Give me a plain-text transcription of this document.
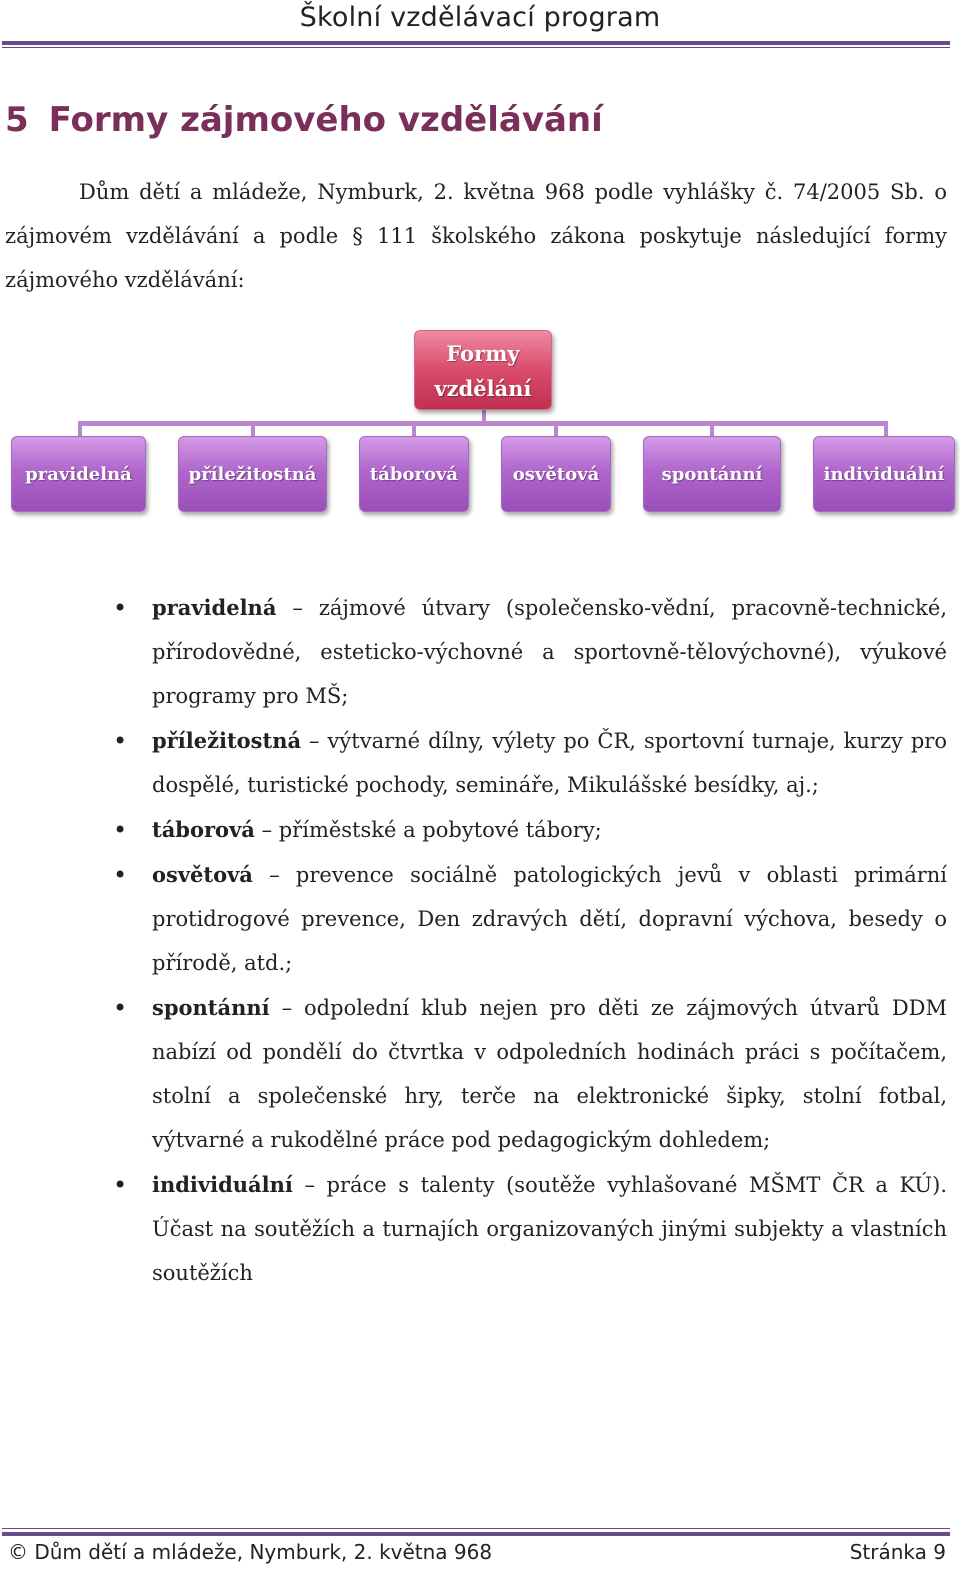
Školní vzdělávací program
5 Formy zájmového vzdělávání

Dům dětí a mládeže, Nymburk, 2. května 968 podle vyhlášky č. 74/2005 Sb. o zájmovém vzdělávání a podle § 111 školského zákona poskytuje následující formy zájmového vzdělávání:

Formy
vzdělání
pravidelná	příležitostná	táborová	osvětová	spontánní	individuální
• pravidelná – zájmové útvary (společensko-vědní, pracovně-technické, přírodovědné, esteticko-výchovné a sportovně-tělovýchovné), výukové programy pro MŠ;
• příležitostná – výtvarné dílny, výlety po ČR, sportovní turnaje, kurzy pro dospělé, turistické pochody, semináře, Mikulášské besídky, aj.;
• táborová – příměstské a pobytové tábory;
• osvětová – prevence sociálně patologických jevů v oblasti primární protidrogové prevence, Den zdravých dětí, dopravní výchova, besedy o přírodě, atd.;
• spontánní – odpolední klub nejen pro děti ze zájmových útvarů DDM nabízí od pondělí do čtvrtka v odpoledních hodinách práci s počítačem, stolní a společenské hry, terče na elektronické šipky, stolní fotbal, výtvarné a rukodělné práce pod pedagogickým dohledem;
• individuální – práce s talenty (soutěže vyhlašované MŠMT ČR a KÚ). Účast na soutěžích a turnajích organizovaných jinými subjekty a vlastních soutěžích
© Dům dětí a mládeže, Nymburk, 2. května 968	Stránka 9
